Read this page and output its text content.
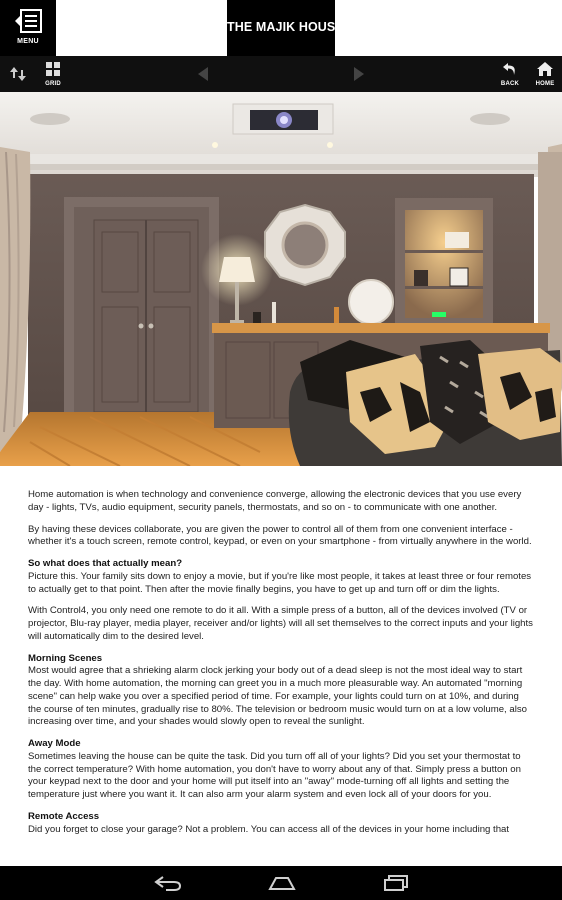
MENU
THE MAJIK HOUSE
GRID	BACK	HOME

Home automation is when technology and convenience converge, allowing the electronic devices that you use every day - lights, TVs, audio equipment, security panels, thermostats, and so on - to communicate with one another.

By having these devices collaborate, you are given the power to control all of them from one convenient interface - whether it's a touch screen, remote control, keypad, or even on your smartphone - from virtually anywhere in the world.

So what does that actually mean?

Picture this. Your family sits down to enjoy a movie, but if you're like most people, it takes at least three or four remotes to actually get to that point. Then after the movie finally begins, you have to get up and turn off or dim the lights.

With Control4, you only need one remote to do it all. With a simple press of a button, all of the devices involved (TV or projector, Blu-ray player, media player, receiver and/or lights) will all set themselves to the correct inputs and your lights will automatically dim to the desired level.

Morning Scenes

Most would agree that a shrieking alarm clock jerking your body out of a dead sleep is not the most ideal way to start the day. With home automation, the morning can greet you in a much more pleasurable way. An automated "morning scene" can help wake you over a specified period of time. For example, your lights could turn on at 10%, and during the course of ten minutes, gradually rise to 80%. The television or bedroom music would turn on at a low volume, also increasing over time, and your shades would slowly open to reveal the sunlight.

Away Mode

Sometimes leaving the house can be quite the task. Did you turn off all of your lights? Did you set your thermostat to the correct temperature? With home automation, you don't have to worry about any of that. Simply press a button on your keypad next to the door and your home will put itself into an "away" mode-turning off all lights and setting the temperature just where you want it. It can also arm your alarm system and even lock all of your doors for you.

Remote Access

Did you forget to close your garage? Not a problem. You can access all of the devices in your home including that
